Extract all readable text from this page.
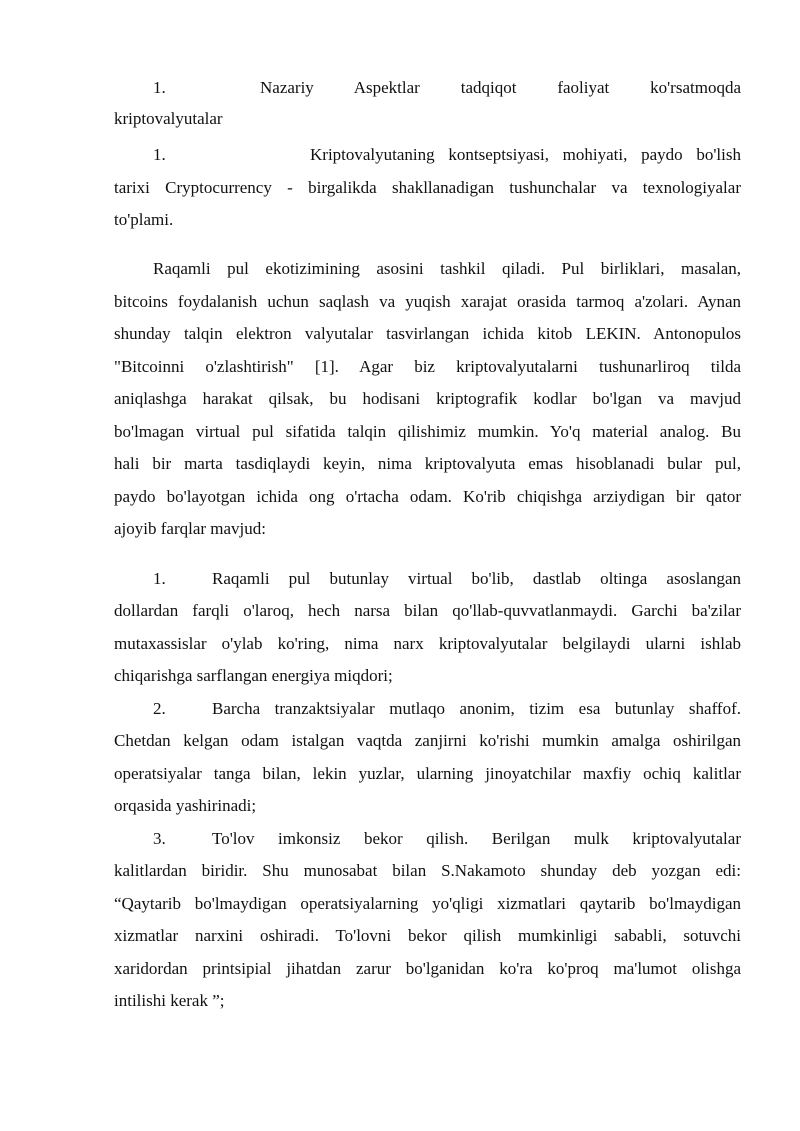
1.	Nazariy Aspektlar tadqiqot faoliyat ko'rsatmoqda
kriptovalyutalar
1.	Kriptovalyutaning kontseptsiyasi, mohiyati, paydo bo'lish
tarixi Cryptocurrency - birgalikda shakllanadigan tushunchalar va texnologiyalar
to'plami.
Raqamli pul ekotizimining asosini tashkil qiladi. Pul birliklari, masalan,
bitcoins foydalanish uchun saqlash va yuqish xarajat orasida tarmoq a'zolari. Aynan
shunday talqin elektron valyutalar tasvirlangan ichida kitob LEKIN. Antonopulos
"Bitcoinni o'zlashtirish" [1]. Agar biz kriptovalyutalarni tushunarliroq tilda
aniqlashga harakat qilsak, bu hodisani kriptografik kodlar bo'lgan va mavjud
bo'lmagan virtual pul sifatida talqin qilishimiz mumkin. Yo'q material analog. Bu
hali bir marta tasdiqlaydi keyin, nima kriptovalyuta emas hisoblanadi bular pul,
paydo bo'layotgan ichida ong o'rtacha odam. Ko'rib chiqishga arziydigan bir qator
ajoyib farqlar mavjud:
1.	Raqamli pul butunlay virtual bo'lib, dastlab oltinga asoslangan
dollardan farqli o'laroq, hech narsa bilan qo'llab-quvvatlanmaydi. Garchi ba'zilar
mutaxassislar o'ylab ko'ring, nima narx kriptovalyutalar belgilaydi ularni ishlab
chiqarishga sarflangan energiya miqdori;
2.	Barcha tranzaktsiyalar mutlaqo anonim, tizim esa butunlay shaffof.
Chetdan kelgan odam istalgan vaqtda zanjirni ko'rishi mumkin amalga oshirilgan
operatsiyalar tanga bilan, lekin yuzlar, ularning jinoyatchilar maxfiy ochiq kalitlar
orqasida yashirinadi;
3.	To'lov imkonsiz bekor qilish. Berilgan mulk kriptovalyutalar
kalitlardan biridir. Shu munosabat bilan S.Nakamoto shunday deb yozgan edi:
“Qaytarib bo'lmaydigan operatsiyalarning yo'qligi xizmatlari qaytarib bo'lmaydigan
xizmatlar narxini oshiradi. To'lovni bekor qilish mumkinligi sababli, sotuvchi
xaridordan printsipial jihatdan zarur bo'lganidan ko'ra ko'proq ma'lumot olishga
intilishi kerak ”;
